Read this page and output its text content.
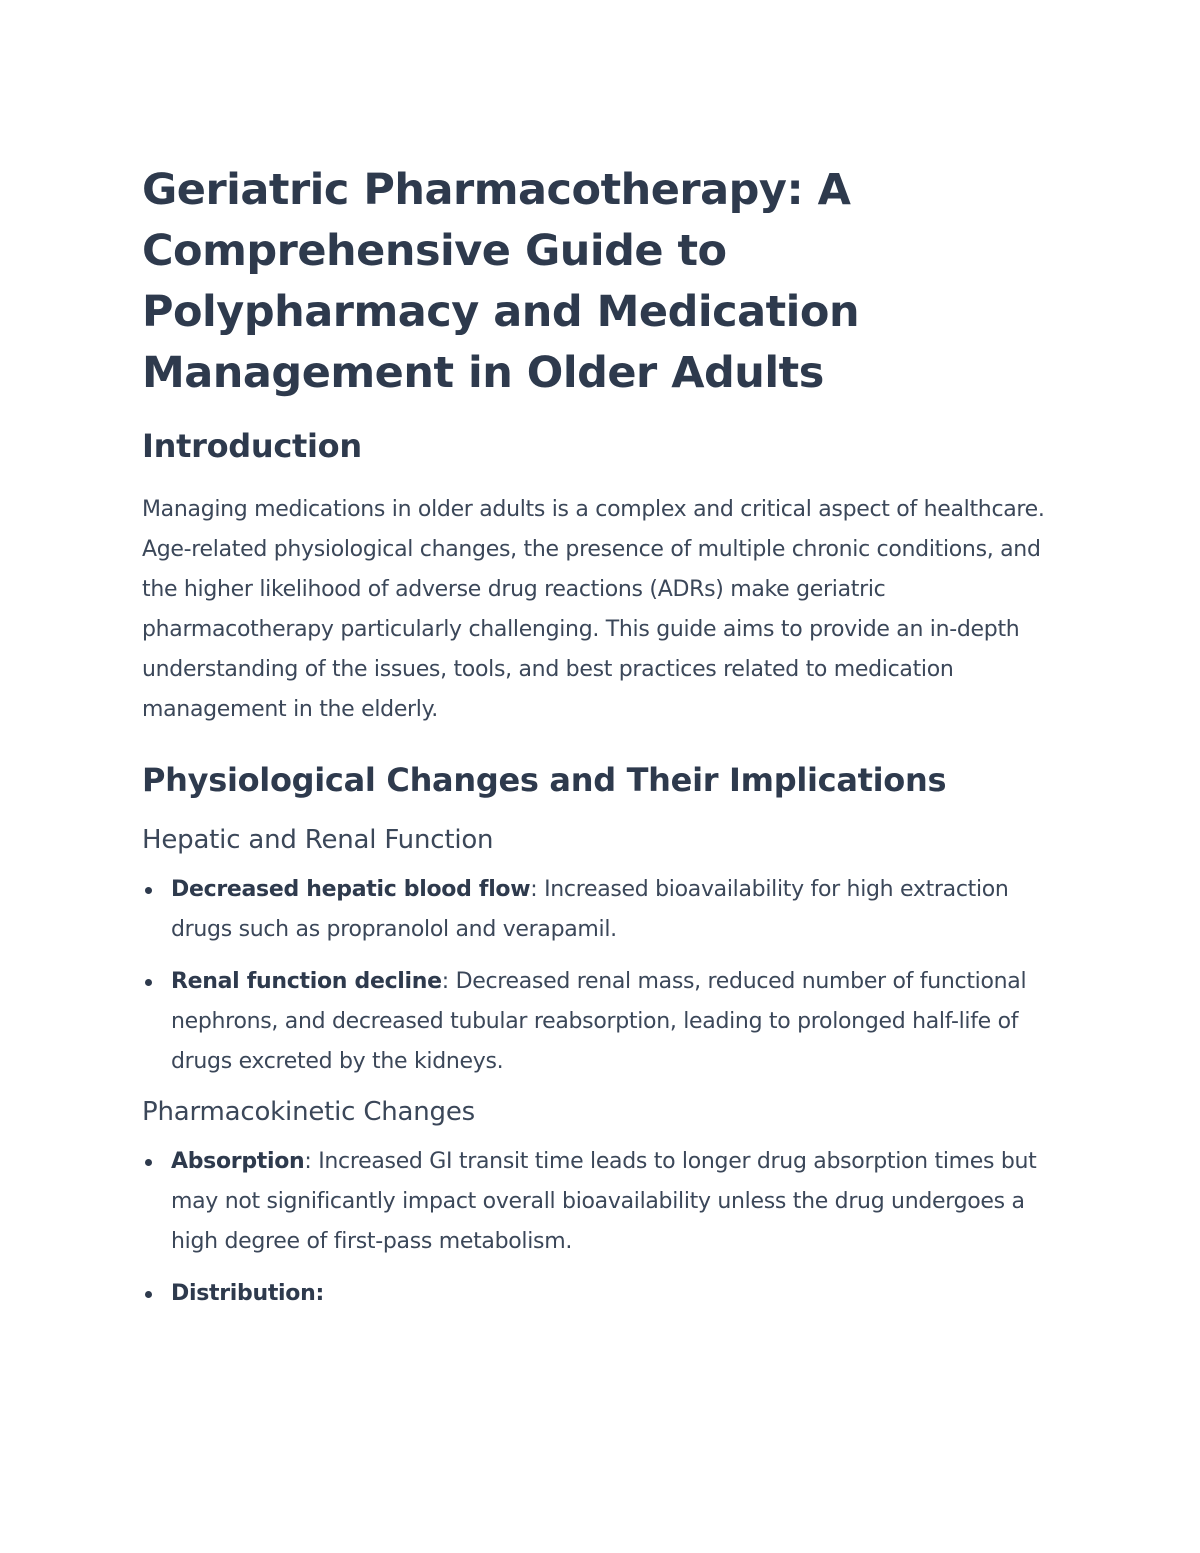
Geriatric Pharmacotherapy: A Comprehensive Guide to Polypharmacy and Medication Management in Older Adults
Introduction

Managing medications in older adults is a complex and critical aspect of healthcare. Age-related physiological changes, the presence of multiple chronic conditions, and the higher likelihood of adverse drug reactions (ADRs) make geriatric pharmacotherapy particularly challenging. This guide aims to provide an in-depth understanding of the issues, tools, and best practices related to medication management in the elderly.

Physiological Changes and Their Implications
Hepatic and Renal Function
Decreased hepatic blood flow: Increased bioavailability for high extraction drugs such as propranolol and verapamil.
Renal function decline: Decreased renal mass, reduced number of functional nephrons, and decreased tubular reabsorption, leading to prolonged half-life of drugs excreted by the kidneys.
Pharmacokinetic Changes
Absorption: Increased GI transit time leads to longer drug absorption times but may not significantly impact overall bioavailability unless the drug undergoes a high degree of first-pass metabolism.
Distribution:
